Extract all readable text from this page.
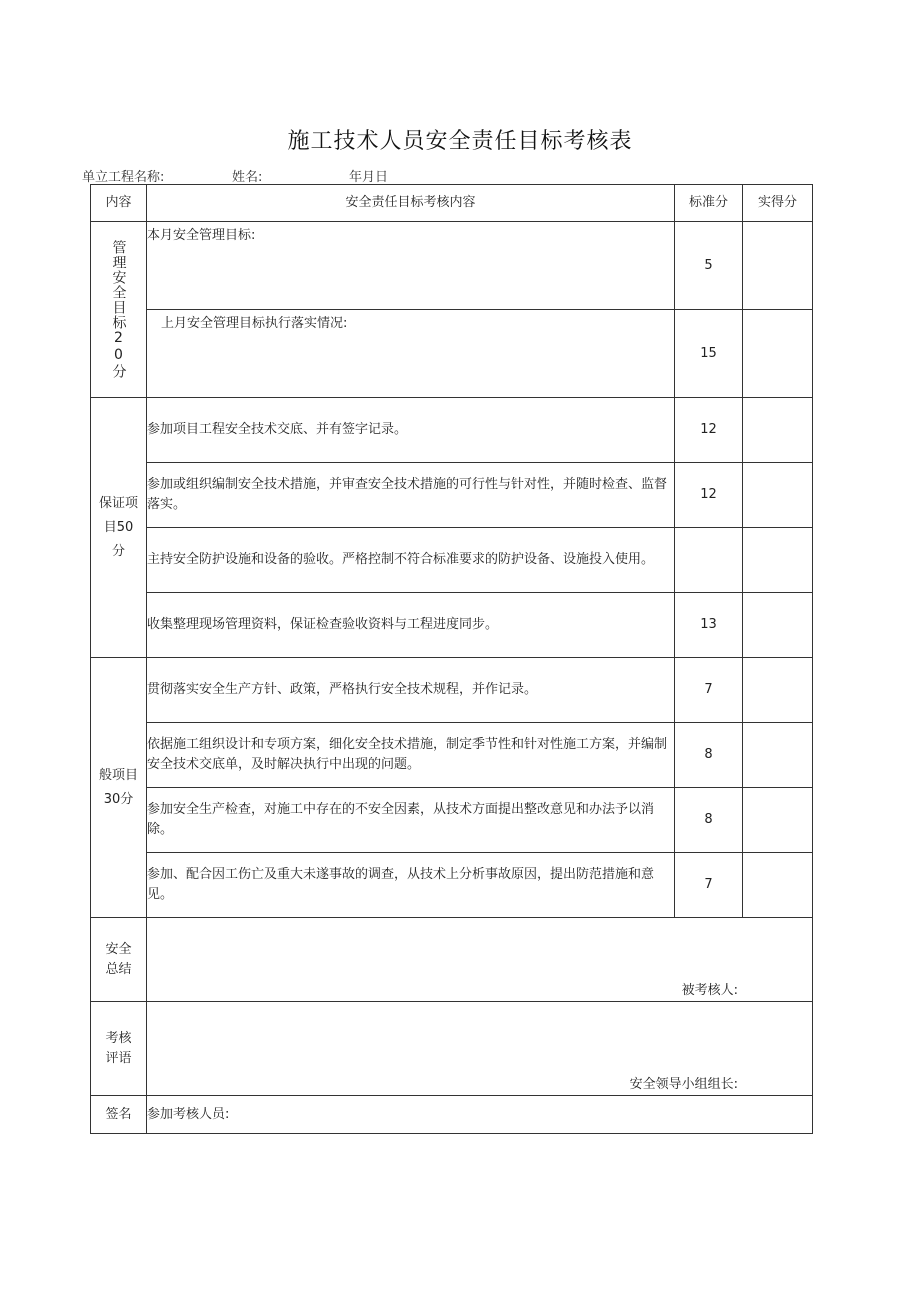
施工技术人员安全责任目标考核表
单立工程名称:	姓名:	年月日
内容	安全责任目标考核内容	标准分	实得分
管理安全目标20分	本月安全管理目标:	5	
	上月安全管理目标执行落实情况:	15	
保证项
目50分	参加项目工程安全技术交底、并有签字记录。	12	
	参加或组织编制安全技术措施，并审查安全技术措施的可行性与针对性，并随时检查、监督落实。	12	
	主持安全防护设施和设备的验收。严格控制不符合标准要求的防护设备、设施投入使用。		
	收集整理现场管理资料，保证检查验收资料与工程进度同步。	13	
般项目
30分	贯彻落实安全生产方针、政策，严格执行安全技术规程，并作记录。	7	
	依据施工组织设计和专项方案，细化安全技术措施，制定季节性和针对性施工方案，并编制安全技术交底单，及时解决执行中出现的问题。	8	
	参加安全生产检查，对施工中存在的不安全因素，从技术方面提出整改意见和办法予以消除。	8	
	参加、配合因工伤亡及重大未遂事故的调查，从技术上分析事故原因，提出防范措施和意见。	7	
安全
总结	被考核人:		

考核
评语	安全领导小组组长:		

签名	参加考核人员:		
